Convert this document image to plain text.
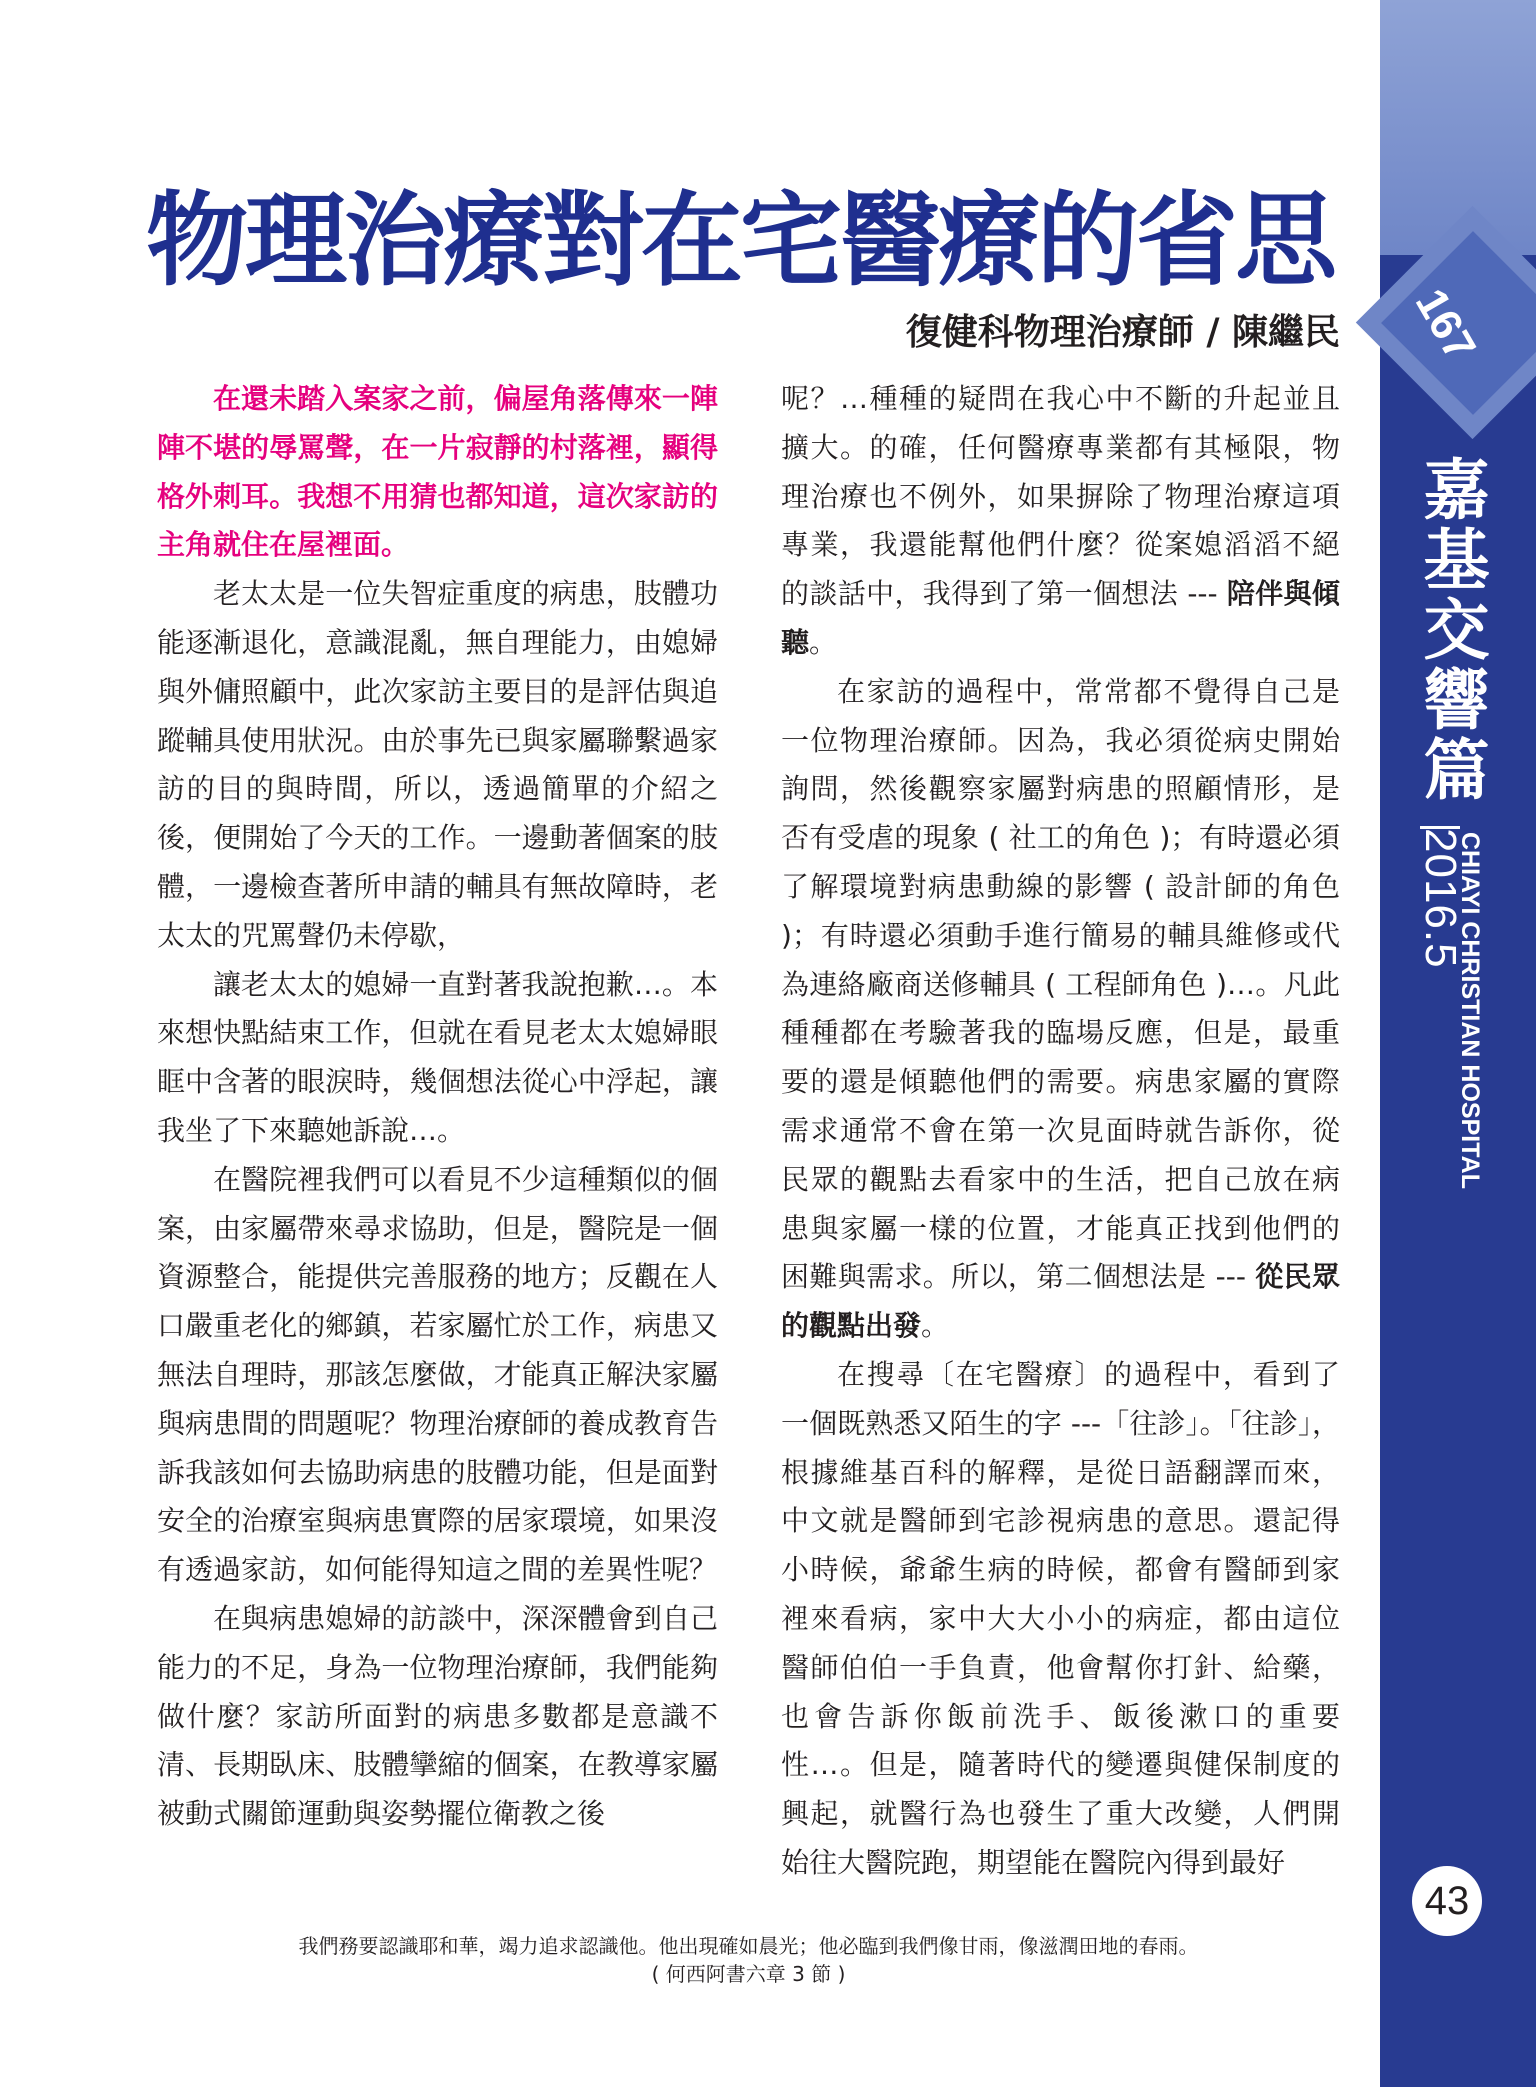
167
嘉基交響篇
2016.5
CHIAYI CHRISTIAN HOSPITAL
43
物理治療對在宅醫療的省思
復健科物理治療師 / 陳繼民

在還未踏入案家之前，偏屋角落傳來一陣陣不堪的辱罵聲，在一片寂靜的村落裡，顯得格外刺耳。我想不用猜也都知道，這次家訪的主角就住在屋裡面。

老太太是一位失智症重度的病患，肢體功能逐漸退化，意識混亂，無自理能力，由媳婦與外傭照顧中，此次家訪主要目的是評估與追蹤輔具使用狀況。由於事先已與家屬聯繫過家訪的目的與時間，所以，透過簡單的介紹之後，便開始了今天的工作。一邊動著個案的肢體，一邊檢查著所申請的輔具有無故障時，老太太的咒罵聲仍未停歇，

讓老太太的媳婦一直對著我說抱歉…。本來想快點結束工作，但就在看見老太太媳婦眼眶中含著的眼淚時，幾個想法從心中浮起，讓我坐了下來聽她訴說…。

在醫院裡我們可以看見不少這種類似的個案，由家屬帶來尋求協助，但是，醫院是一個資源整合，能提供完善服務的地方；反觀在人口嚴重老化的鄉鎮，若家屬忙於工作，病患又無法自理時，那該怎麼做，才能真正解決家屬與病患間的問題呢？物理治療師的養成教育告訴我該如何去協助病患的肢體功能，但是面對安全的治療室與病患實際的居家環境，如果沒有透過家訪，如何能得知這之間的差異性呢？

在與病患媳婦的訪談中，深深體會到自己能力的不足，身為一位物理治療師，我們能夠做什麼？家訪所面對的病患多數都是意識不清、長期臥床、肢體攣縮的個案，在教導家屬被動式關節運動與姿勢擺位衛教之後

呢？…種種的疑問在我心中不斷的升起並且擴大。的確，任何醫療專業都有其極限，物理治療也不例外，如果摒除了物理治療這項專業，我還能幫他們什麼？從案媳滔滔不絕的談話中，我得到了第一個想法 --- 陪伴與傾聽。

在家訪的過程中，常常都不覺得自己是一位物理治療師。因為，我必須從病史開始詢問，然後觀察家屬對病患的照顧情形，是否有受虐的現象 ( 社工的角色 )；有時還必須了解環境對病患動線的影響 ( 設計師的角色 )；有時還必須動手進行簡易的輔具維修或代為連絡廠商送修輔具 ( 工程師角色 )…。凡此種種都在考驗著我的臨場反應，但是，最重要的還是傾聽他們的需要。病患家屬的實際需求通常不會在第一次見面時就告訴你，從民眾的觀點去看家中的生活，把自己放在病患與家屬一樣的位置，才能真正找到他們的困難與需求。所以，第二個想法是 --- 從民眾的觀點出發。

在搜尋〔在宅醫療〕的過程中，看到了一個既熟悉又陌生的字 ---「往診」。「往診」，根據維基百科的解釋，是從日語翻譯而來，中文就是醫師到宅診視病患的意思。還記得小時候，爺爺生病的時候，都會有醫師到家裡來看病，家中大大小小的病症，都由這位醫師伯伯一手負責，他會幫你打針、給藥，也會告訴你飯前洗手、飯後漱口的重要性…。但是，隨著時代的變遷與健保制度的興起，就醫行為也發生了重大改變，人們開始往大醫院跑，期望能在醫院內得到最好

我們務要認識耶和華，竭力追求認識他。他出現確如晨光；他必臨到我們像甘雨，像滋潤田地的春雨。
( 何西阿書六章 3 節 )
